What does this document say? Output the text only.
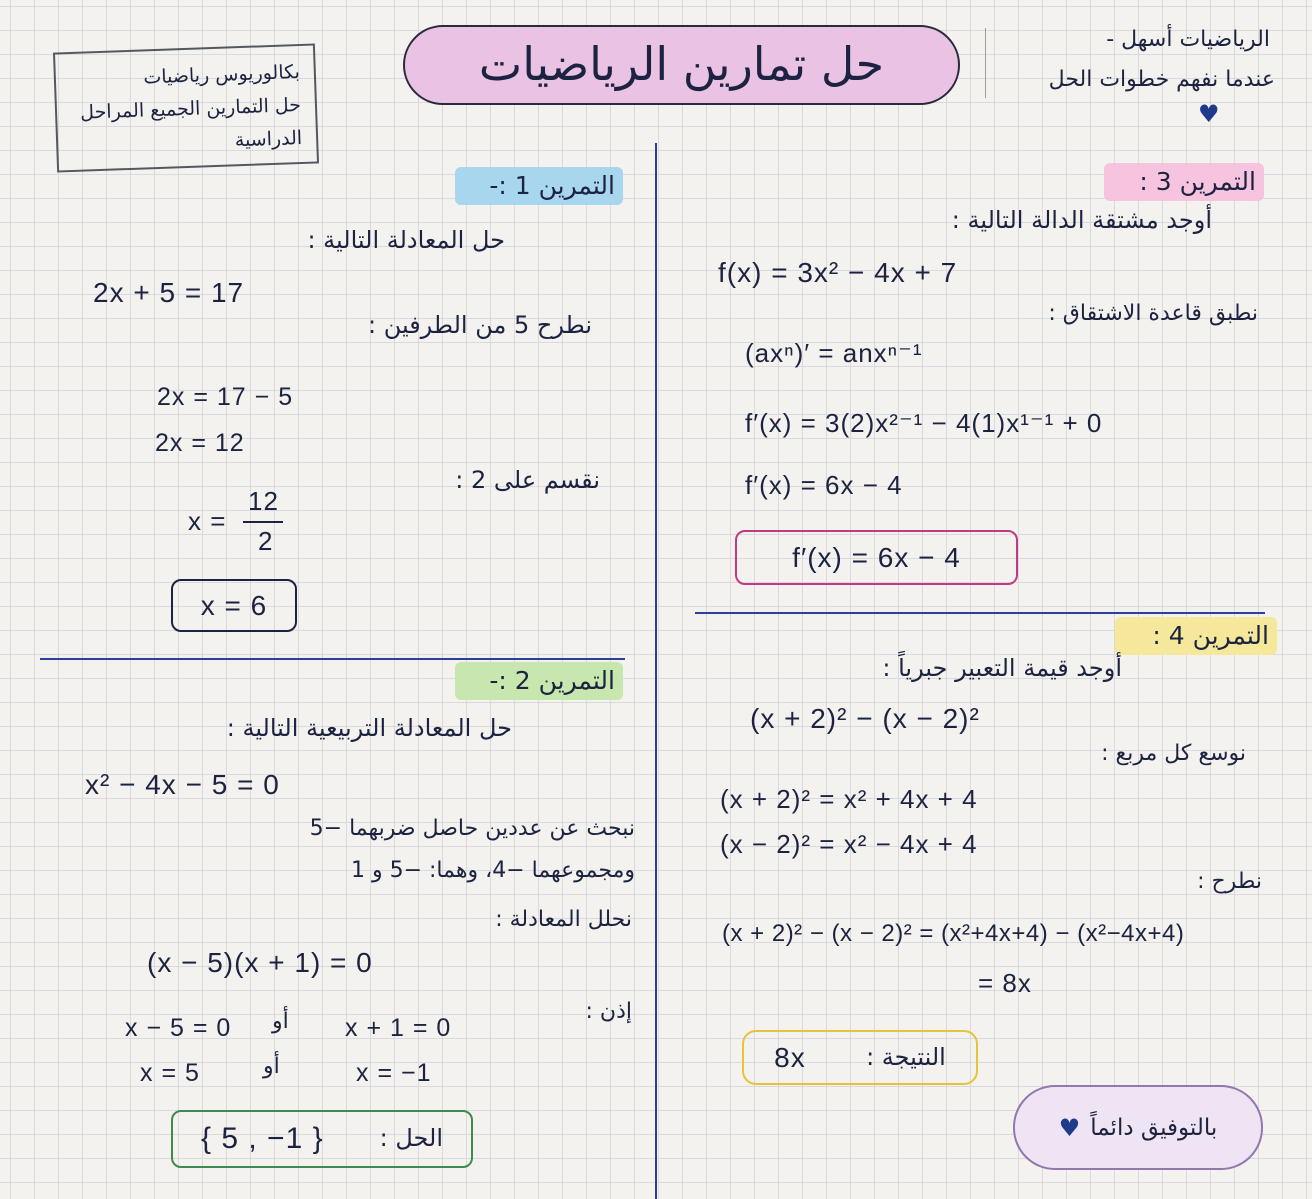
بكالوريوس رياضيات
حل التمارين الجميع المراحل
الدراسية
حل تمارين الرياضيات	الرياضيات أسهل -
عندما نفهم خطوات الحل
♥
التمرين 1 :-
حل المعادلة التالية :
2x + 5 = 17
نطرح 5 من الطرفين :
2x = 17 − 5
2x = 12
نقسم على 2 :
x =
12
2
x = 6
التمرين 2 :-
حل المعادلة التربيعية التالية :
x² − 4x − 5 = 0
نبحث عن عددين حاصل ضربهما −5
ومجموعهما −4، وهما: −5 و 1
نحلل المعادلة :
(x − 5)(x + 1) = 0
إذن :
x − 5 = 0 أو x + 1 = 0
x = 5	أو	x = −1
الحل :
{ 5 , −1 }
التمرين 3 :
أوجد مشتقة الدالة التالية :
f(x) = 3x² − 4x + 7
نطبق قاعدة الاشتقاق :
(axⁿ)′ = anxⁿ⁻¹
f′(x) = 3(2)x²⁻¹ − 4(1)x¹⁻¹ + 0
f′(x) = 6x − 4
f′(x) = 6x − 4
التمرين 4 :
أوجد قيمة التعبير جبرياً :
(x + 2)² − (x − 2)²
نوسع كل مربع :
(x + 2)² = x² + 4x + 4
(x − 2)² = x² − 4x + 4
نطرح :
(x + 2)² − (x − 2)² = (x²+4x+4) − (x²−4x+4)
= 8x
النتيجة :
8x
بالتوفيق دائماً
♥
